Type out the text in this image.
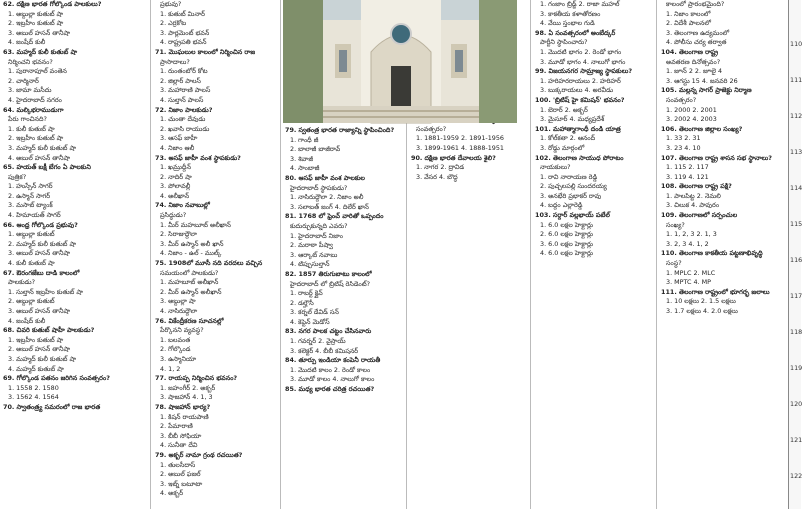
62. దక్షిణ భారత గోల్కొండ పాలకులు?
1. అబ్దుల్లా కుతుబ్ షా
2. ఇబ్రహీం కుతుబ్ షా
3. అబుల్ హసన్ తానీషా
4. జంషీద్ కులీ
63. మహ్మద్ కులీ కుతుబ్ షా
నిర్మించని భవనం?
1. పురానాపూల్ వంతెన
2. చార్మినార్
3. జామా మసీదు
4. హైదరాబాద్ నగరం
64. మల్కిభరాముడుగా
పేరు గాంచినది?
1. కులీ కుతుబ్ షా
2. ఇబ్రహీం కుతుబ్ షా
3. మహ్మద్ కులీ కుతుబ్ షా
4. అబుల్ హసన్ తానీషా
65. హయత్ బక్షీ బేగం ఏ పాలకుని
పుత్రిక?
1. హుస్సేన్ సాగర్
2. ఉస్మాన్ సాగర్
3. మసాబ్ ట్యాంక్
4. హిమాయత్ సాగర్
66. ఆంధ్ర గోల్కొండ ప్రభువు?
1. అబ్దుల్లా కుతుబ్
2. మహ్మద్ కులీ కుతుబ్ షా
3. అబుల్ హసన్ తానీషా
4. కులీ కుతుబ్ షా
67. ఔరంగజేబు దాడి కాలంలో
పాలకుడు?
1. సుల్తాన్ ఇబ్రహీం కుతుబ్ షా
2. అబ్దుల్లా కుతుబ్
3. అబుల్ హసన్ తానీషా
4. జంషీద్ కులీ
68. చివరి కుతుబ్ షాహీ పాలకుడు?
1. ఇబ్రహీం కుతుబ్ షా
2. అబుల్ హసన్ తానీషా
3. మహ్మద్ కులీ కుతుబ్ షా
4. మహ్మద్ కుతుబ్ షా
69. గోల్కొండ పతనం జరిగిన సంవత్సరం?
1. 1558 2. 1580
3. 1562 4. 1564
70. స్వాతంత్ర్య సమరంలో రాజ భారత
ప్రభువు?
1. కుతుబ్ మినార్
2. ఎర్రకోట
3. పార్లమెంట్ భవన్
4. రాష్ట్రపతి భవన్
71. మొఘలుల కాలంలో నిర్మించిన రాజ
ప్రాసాదాలు?
1. రుంతంబోర్ కోట
2. జిల్లార్ పాలస్
3. మహారాణి పాలస్
4. సుల్తాన్ పాలస్
72. నిజాం పాలకుడు?
1. చుంతా దేవుడు
2. ఖవాసి రాయుడు
3. ఆసఫ్ జాహీ
4. నిజాం ఆలీ
73. అసఫ్ జాహీ వంశ స్థాపకుడు?
1. ఖమ్రుద్దీన్
2. నాదిర్ షా
3. పోలావల్లీ
4. అలీఖాన్
74. నిజాం నవాబుల్లో
ప్రసిద్ధుడు?
1. మీర్ మహబూబ్ అలీఖాన్
2. సిరాజుద్దౌలా
3. మీర్ ఉస్మాన్ అలీ ఖాన్
4. నిజాం - ఉల్ - ముల్క్
75. 1908లో మూసీ నది వరదలు వచ్చిన
సమయంలో పాలకుడు?
1. మహబూబ్ అలీఖాన్
2. మీర్ ఉస్మాన్ అలీఖాన్
3. అబ్దుల్లా షా
4. నాసిరుద్దౌలా
76. వికేంద్రీకరణ సూచనల్లో
పేర్కొనని వ్యవస్థ?
1. బలవంత
2. గోల్కొండ
3. ఉస్మానియా
4. 1, 2
77. రాయప్ప నిర్మించిన భవనం?
1. జహంగీర్ 2. అక్బర్
3. షాజహాన్ 4. 1, 3
78. షాజహాన్ భార్య?
1. కిషన్ రాయపాణి
2. పేమారాణి
3. బీబీ సోఫియా
4. సునీతా దేవి
79. అక్బర్ నామా గ్రంథ రచయిత?
1. తులసీదాస్
2. అబుల్ ఫజల్
3. ఇబ్న్ బటూటా
4. అక్బర్
79. స్వతంత్ర భారత రాజ్యాన్ని స్థాపించింది?
1. గాంధీ జీ
2. బాలాజీ బాజీరావ్
3. శివాజీ
4. సాంబాజీ
80. ఆసఫ్ జాహీ వంశ పాలకుల
హైదరాబాద్ స్థాపకుడు?
1. నాసిరుద్దౌలా 2. నిజాం అలీ
3. సలాబత్ జంగ్ 4. దిలేర్ ఖాన్
81. 1768 లో ఫ్రెంచ్ వారితో ఒప్పందం
కుదుర్చుకున్నది ఎవరు?
1. హైదరాబాద్ నిజాం
2. మరాఠా పీష్వా
3. ఆర్కాట్ నవాబు
4. టిప్పుసుల్తాన్
82. 1857 తిరుగుబాటు కాలంలో
హైదరాబాద్ లో బ్రిటిష్ రెసిడెంట్?
1. రాబర్ట్ క్లైవ్
2. డల్హౌసీ
3. కర్నల్ డేవిడ్ సన్
4. కెప్టెన్ మెడోస్
83. నగర పాలక చట్టం చేసినవారు
1. గవర్నర్ 2. వైస్రాయ్
3. కలెక్టర్ 4. బీబీ కమిషనర్
84. తూర్పు ఇండియా కంపెనీ రాయతీ
1. మొదటి కాలం 2. రెండో కాలం
3. మూడో కాలం 4. నాలుగో కాలం
85. మధ్య భారత చరిత్ర రచయిత?
సంవత్సరం?
1. 1881-1959 2. 1891-1956
3. 1899-1961 4. 1888-1951
90. దక్షిణ భారత దేవాలయ శైలి?
1. నాగర 2. ద్రావిడ
3. వేసర 4. బౌద్ధ
1. గంజాం బ్రిడ్జ్ 2. రాజా మహల్
3. కాకతీయ కళాతోరణం
4. వేయి స్తంభాల గుడి
98. ఏ సంవత్సరంలో అంబేద్కర్
పార్టీని స్థాపించారు?
1. మొదటి భాగం 2. రెండో భాగం
3. మూడో భాగం 4. నాలుగో భాగం
99. విజయనగర సామ్రాజ్య స్థాపకులు?
1. హరిహరరాయలు 2. హరిహర్
3. బుక్కరాయలు 4. అరవీడు
100. 'బ్రిటిష్ హై కమిషన్' భవనం?
1. బెరార్ 2. అక్బర్
3. మైసూర్ 4. మధ్యప్రదేశ్
101. మహాత్మాగాంధీ దండి యాత్ర
1. కోల్‌కతా 2. ఆనంద్
3. రోడ్డు మార్గంలో
102. తెలంగాణ సాయుధ పోరాటం
నాయకులు?
1. రావి నారాయణ రెడ్డి
2. పుచ్చలపల్లి సుందరయ్య
3. అనభేరి ప్రభాకర్ రావు
4. బద్దం ఎల్లారెడ్డి
103. సర్దార్ వల్లభాయ్ పటేల్
1. 6.0 లక్షల హెక్టార్లు
2. 6.0 లక్షల హెక్టార్లు
3. 6.0 లక్షల హెక్టార్లు
4. 6.0 లక్షల హెక్టార్లు
కాలంలో ప్రారంభమైంది?
1. నిజాం కాలంలో
2. విదేశీ పాలనలో
3. తెలంగాణ ఉద్యమంలో
4. పోలీసు చర్య తర్వాత
104. తెలంగాణ రాష్ట్ర
అవతరణ దినోత్సవం?
1. జూన్ 2 2. జూలై 4
3. ఆగస్టు 15 4. జనవరి 26
105. మల్లన్న సాగర్ ప్రాజెక్టు నిర్మాణ
సంవత్సరం?
1. 2000 2. 2001
3. 2002 4. 2003
106. తెలంగాణ జిల్లాల సంఖ్య?
1. 33 2. 31
3. 23 4. 10
107. తెలంగాణ రాష్ట్ర శాసన సభ స్థానాలు?
1. 115 2. 117
3. 119 4. 121
108. తెలంగాణ రాష్ట్ర పక్షి?
1. పాలపిట్ట 2. నెమలి
3. చిలుక 4. పావురం
109. తెలంగాణలో సర్పంచుల
సంఖ్య?
1. 1, 2, 3 2. 1, 3
3. 2, 3 4. 1, 2
110. తెలంగాణ కాకతీయ పట్టణాభివృద్ధి
సంస్థ?
1. MPLC 2. MLC
3. MPTC 4. MP
111. తెలంగాణ రాష్ట్రంలో భూగర్భ జలాలు
1. 10 లక్షలు 2. 1.5 లక్షలు
3. 1.7 లక్షలు 4. 2.0 లక్షలు
110
111
112
113
114
115
116
117
118
119
120
121
122
